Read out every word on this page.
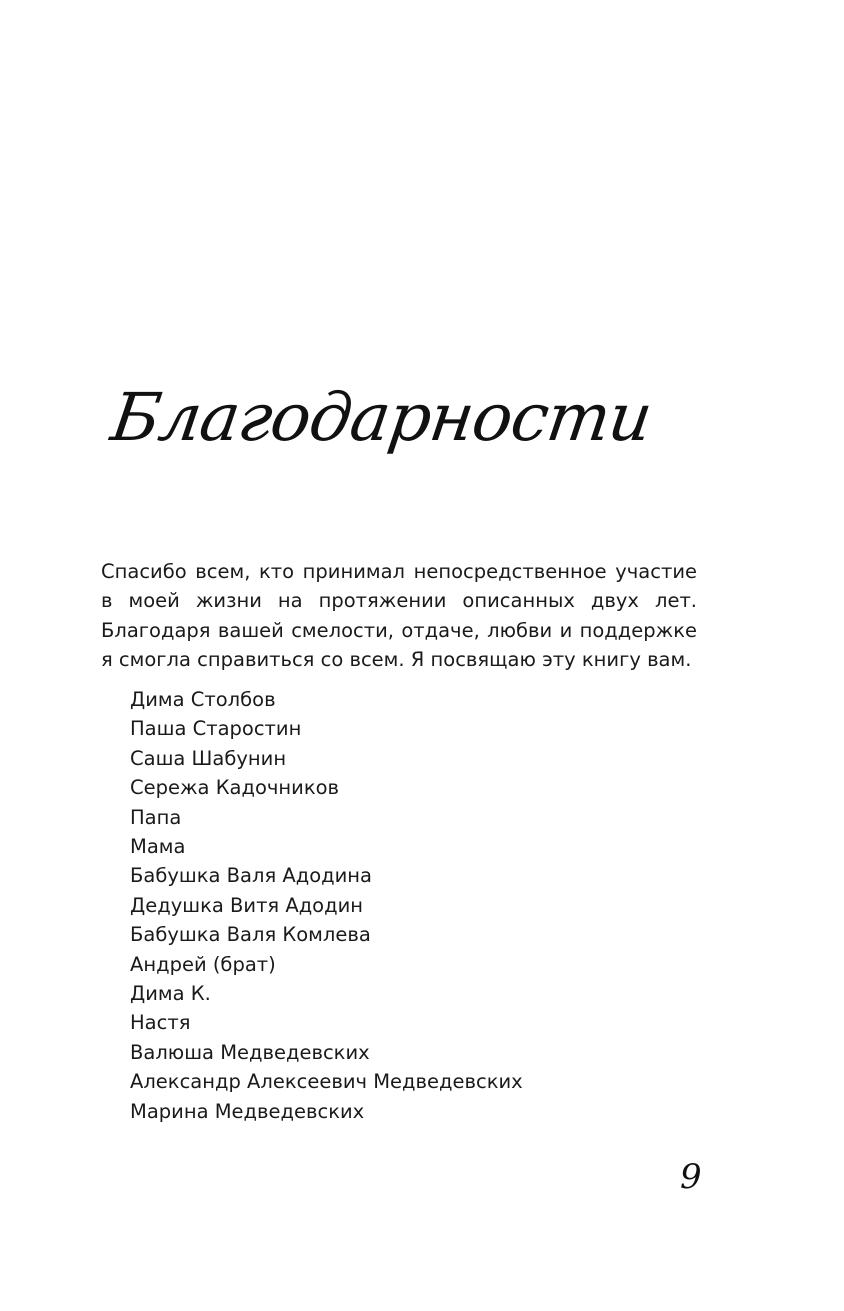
Благодарности

Спасибо всем, кто принимал непосредственное участие в моей жизни на протяжении описанных двух лет. Благодаря вашей смелости, отдаче, любви и поддержке я смогла справиться со всем. Я посвящаю эту книгу вам.

Дима Столбов
Паша Старостин
Саша Шабунин
Сережа Кадочников
Папа
Мама
Бабушка Валя Адодина
Дедушка Витя Адодин
Бабушка Валя Комлева
Андрей (брат)
Дима К.
Настя
Валюша Медведевских
Александр Алексеевич Медведевских
Марина Медведевских
9
